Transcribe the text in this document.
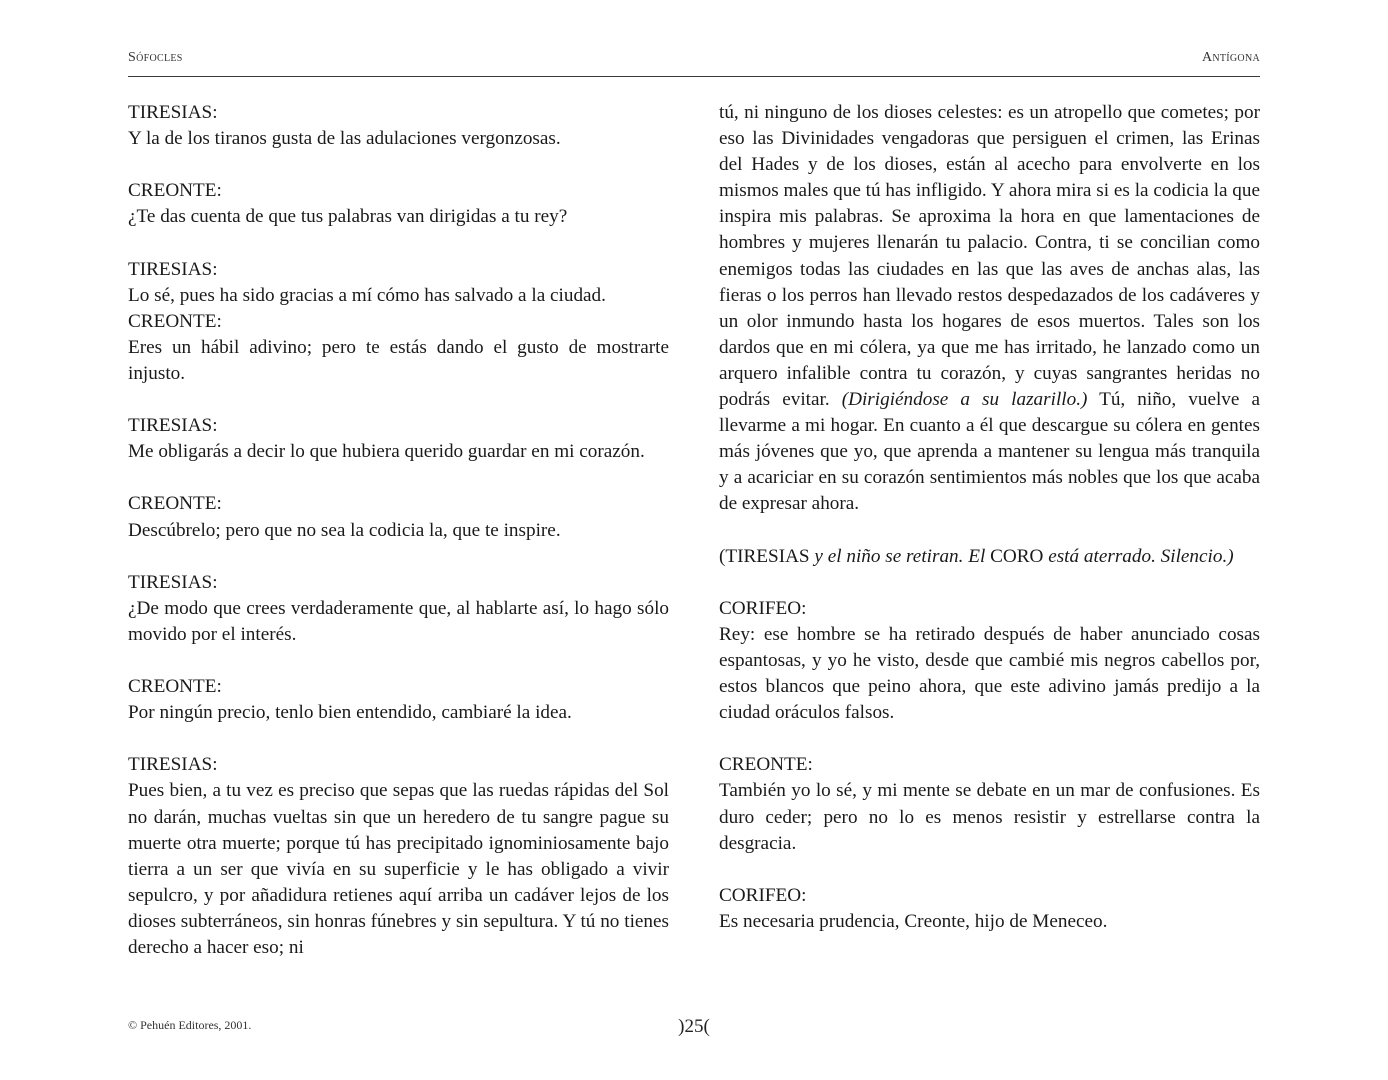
Sófocles	Antígona
TIRESIAS:
Y la de los tiranos gusta de las adulaciones vergonzosas.
CREONTE:
¿Te das cuenta de que tus palabras van dirigidas a tu rey?
TIRESIAS:
Lo sé, pues ha sido gracias a mí cómo has salvado a la ciudad.
CREONTE:
Eres un hábil adivino; pero te estás dando el gusto de mostrarte injusto.
TIRESIAS:
Me obligarás a decir lo que hubiera querido guardar en mi corazón.
CREONTE:
Descúbrelo; pero que no sea la codicia la, que te inspire.
TIRESIAS:
¿De modo que crees verdaderamente que, al hablarte así, lo hago sólo movido por el interés.
CREONTE:
Por ningún precio, tenlo bien entendido, cambiaré la idea.
TIRESIAS:
Pues bien, a tu vez es preciso que sepas que las ruedas rápidas del Sol no darán, muchas vueltas sin que un heredero de tu sangre pague su muerte otra muerte; porque tú has precipitado ignominiosamente bajo tierra a un ser que vivía en su superficie y le has obligado a vivir sepulcro, y por añadidura retienes aquí arriba un cadáver lejos de los dioses subterráneos, sin honras fúnebres y sin sepultura. Y tú no tienes derecho a hacer eso; ni
tú, ni ninguno de los dioses celestes: es un atropello que cometes; por eso las Divinidades vengadoras que persiguen el crimen, las Erinas del Hades y de los dioses, están al acecho para envolverte en los mismos males que tú has infligido. Y ahora mira si es la codicia la que inspira mis palabras. Se aproxima la hora en que lamentaciones de hombres y mujeres llenarán tu palacio. Contra, ti se concilian como enemigos todas las ciudades en las que las aves de anchas alas, las fieras o los perros han llevado restos despedazados de los cadáveres y un olor inmundo hasta los hogares de esos muertos. Tales son los dardos que en mi cólera, ya que me has irritado, he lanzado como un arquero infalible contra tu corazón, y cuyas sangrantes heridas no podrás evitar. (Dirigiéndose a su lazarillo.) Tú, niño, vuelve a llevarme a mi hogar. En cuanto a él que descargue su cólera en gentes más jóvenes que yo, que aprenda a mantener su lengua más tranquila y a acariciar en su corazón sentimientos más nobles que los que acaba de expresar ahora.
(TIRESIAS y el niño se retiran. El CORO está aterrado. Silencio.)
CORIFEO:
Rey: ese hombre se ha retirado después de haber anunciado cosas espantosas, y yo he visto, desde que cambié mis negros cabellos por, estos blancos que peino ahora, que este adivino jamás predijo a la ciudad oráculos falsos.
CREONTE:
También yo lo sé, y mi mente se debate en un mar de confusiones. Es duro ceder; pero no lo es menos resistir y estrellarse contra la desgracia.
CORIFEO:
Es necesaria prudencia, Creonte, hijo de Meneceo.
© Pehuén Editores, 2001.	)25(
